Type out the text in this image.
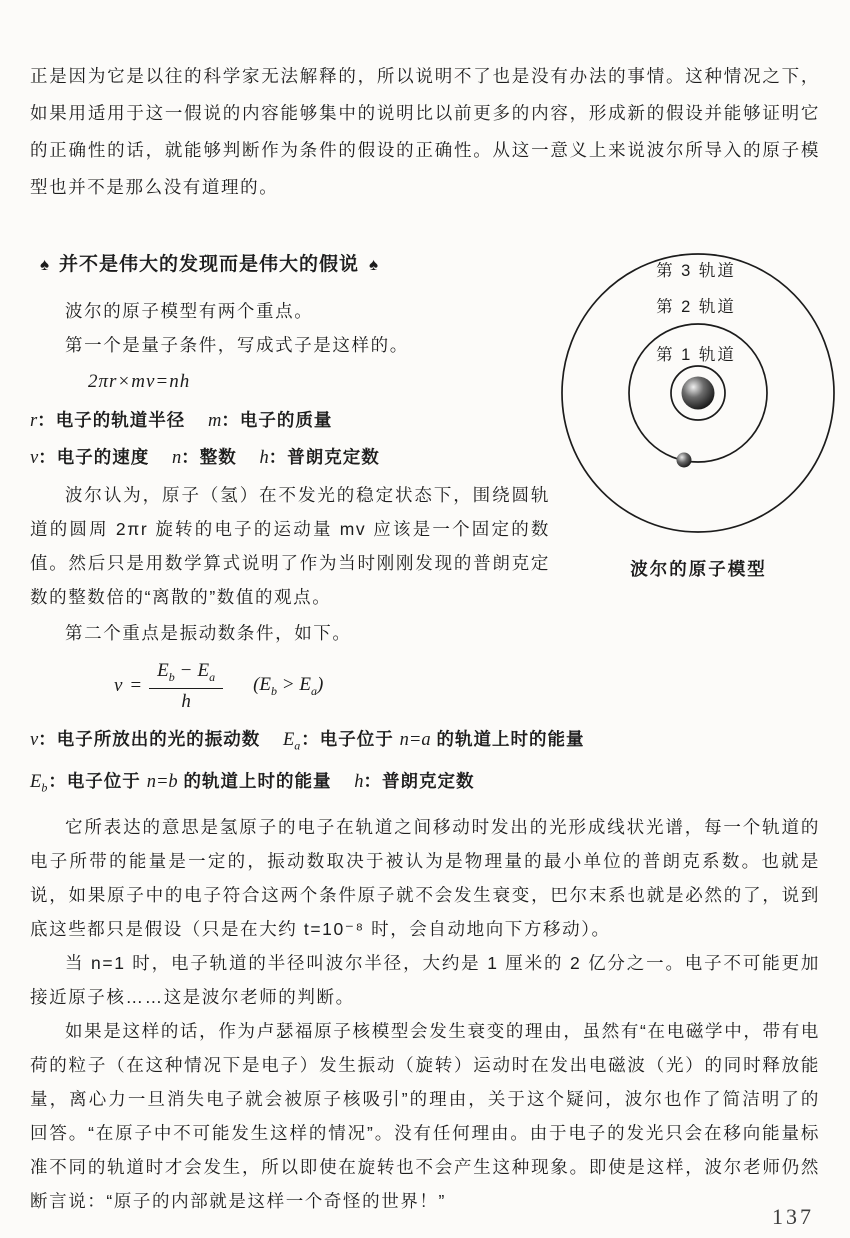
正是因为它是以往的科学家无法解释的，所以说明不了也是没有办法的事情。这种情况之下，如果用适用于这一假说的内容能够集中的说明比以前更多的内容，形成新的假设并能够证明它的正确性的话，就能够判断作为条件的假设的正确性。从这一意义上来说波尔所导入的原子模型也并不是那么没有道理的。

♠ 并不是伟大的发现而是伟大的假说 ♠

波尔的原子模型有两个重点。

第一个是量子条件，写成式子是这样的。

2πr×mv=nh

r：电子的轨道半径 m：电子的质量

v：电子的速度 n：整数 h：普朗克定数

波尔认为，原子（氢）在不发光的稳定状态下，围绕圆轨道的圆周 2πr 旋转的电子的运动量 mv 应该是一个固定的数值。然后只是用数学算式说明了作为当时刚刚发现的普朗克定数的整数倍的“离散的”数值的观点。

第 3 轨道
第 2 轨道
第 1 轨道
波尔的原子模型

第二个重点是振动数条件，如下。

$v = \frac{E_b - E_a}{h} (E_b > E_a)$

v：电子所放出的光的振动数 $E_a$：电子位于 n=a 的轨道上时的能量

$E_b$：电子位于 n=b 的轨道上时的能量 h：普朗克定数

它所表达的意思是氢原子的电子在轨道之间移动时发出的光形成线状光谱，每一个轨道的电子所带的能量是一定的，振动数取决于被认为是物理量的最小单位的普朗克系数。也就是说，如果原子中的电子符合这两个条件原子就不会发生衰变，巴尔末系也就是必然的了，说到底这些都只是假设（只是在大约 t=10⁻⁸ 时，会自动地向下方移动）。

当 n=1 时，电子轨道的半径叫波尔半径，大约是 1 厘米的 2 亿分之一。电子不可能更加接近原子核……这是波尔老师的判断。

如果是这样的话，作为卢瑟福原子核模型会发生衰变的理由，虽然有“在电磁学中，带有电荷的粒子（在这种情况下是电子）发生振动（旋转）运动时在发出电磁波（光）的同时释放能量，离心力一旦消失电子就会被原子核吸引”的理由，关于这个疑问，波尔也作了简洁明了的回答。“在原子中不可能发生这样的情况”。没有任何理由。由于电子的发光只会在移向能量标准不同的轨道时才会发生，所以即使在旋转也不会产生这种现象。即使是这样，波尔老师仍然断言说：“原子的内部就是这样一个奇怪的世界！”

137
